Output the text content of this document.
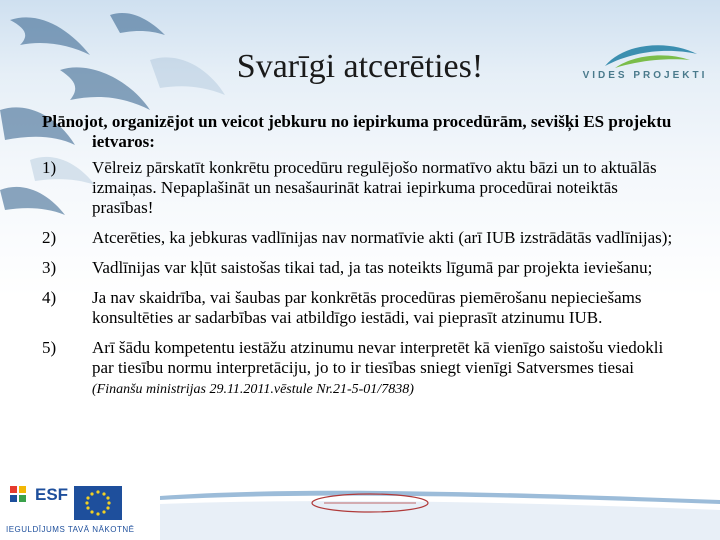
VIDES PROJEKTI
Svarīgi atcerēties!
Plānojot, organizējot un veicot jebkuru no iepirkuma procedūrām, sevišķi ES projektu ietvaros:
1) Vēlreiz pārskatīt konkrētu procedūru regulējošo normatīvo aktu bāzi un to aktuālās izmaiņas. Nepaplašināt un nesašaurināt katrai iepirkuma procedūrai noteiktās prasības!
2) Atcerēties, ka jebkuras vadlīnijas nav normatīvie akti (arī IUB izstrādātās vadlīnijas);
3) Vadlīnijas var kļūt saistošas tikai tad, ja tas noteikts līgumā par projekta ieviešanu;
4) Ja nav skaidrība, vai šaubas par konkrētās procedūras piemērošanu nepieciešams konsultēties ar sadarbības vai atbildīgo iestādi, vai pieprasīt atzinumu IUB.
5) Arī šādu kompetentu iestāžu atzinumu nevar interpretēt kā vienīgo saistošu viedokli par tiesību normu interpretāciju, jo to ir tiesības sniegt vienīgi Satversmes tiesai (Finanšu ministrijas 29.11.2011.vēstule Nr.21-5-01/7838)
ESF
IEGULDĪJUMS TAVĀ NĀKOTNĒ
